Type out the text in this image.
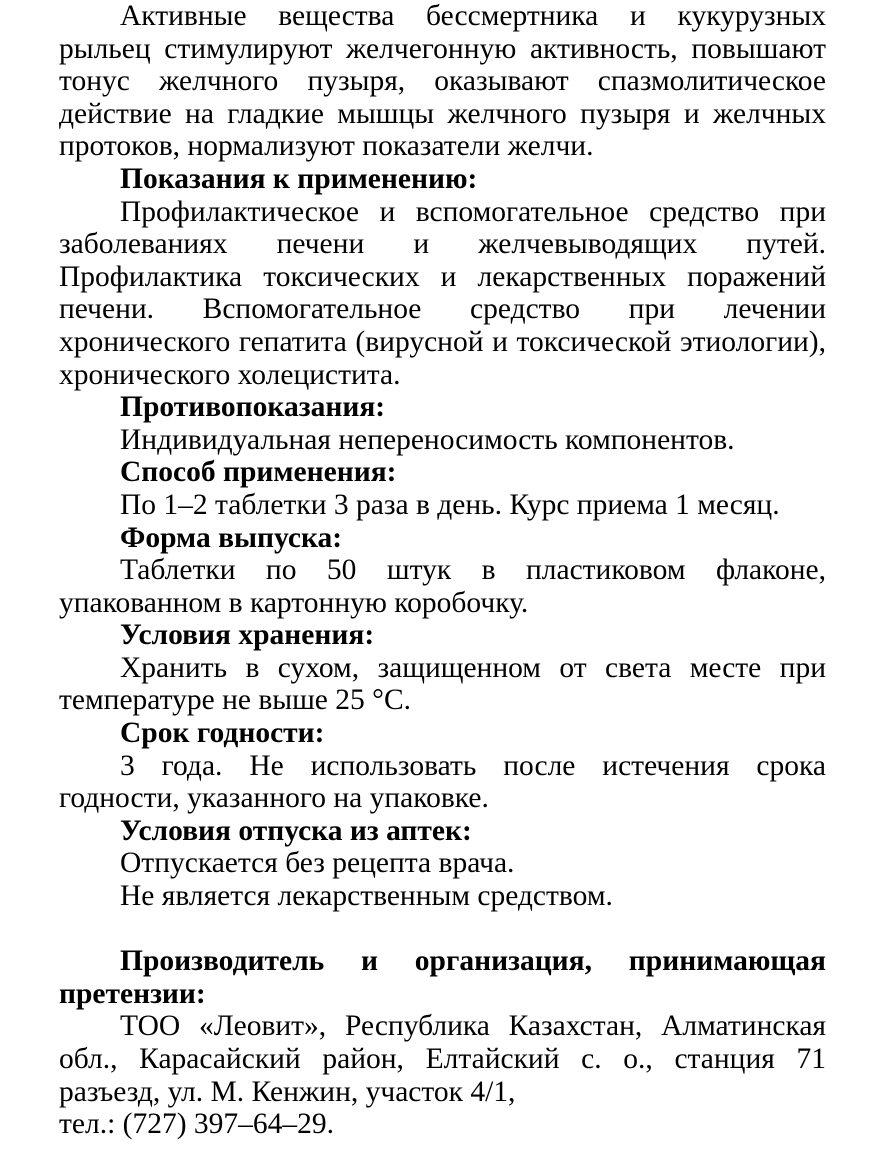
Активные вещества бессмертника и кукурузных рыльец стимулируют желчегонную активность, повышают тонус желчного пузыря, оказывают спазмолитическое действие на гладкие мышцы желчного пузыря и желчных протоков, нормализуют показатели желчи.

Показания к применению:

Профилактическое и вспомогательное средство при заболеваниях печени и желчевыводящих путей. Профилактика токсических и лекарственных поражений печени. Вспомогательное средство при лечении хронического гепатита (вирусной и токсической этиологии), хронического холецистита.

Противопоказания:

Индивидуальная непереносимость компонентов.

Способ применения:

По 1–2 таблетки 3 раза в день. Курс приема 1 месяц.

Форма выпуска:

Таблетки по 50 штук в пластиковом флаконе, упакованном в картонную коробочку.

Условия хранения:

Хранить в сухом, защищенном от света месте при температуре не выше 25 °С.

Срок годности:

3 года. Не использовать после истечения срока годности, указанного на упаковке.

Условия отпуска из аптек:

Отпускается без рецепта врача.

Не является лекарственным средством.

Производитель и организация, принимающая претензии:

ТОО «Леовит», Республика Казахстан, Алматинская обл., Карасайский район, Елтайский с. о., станция 71 разъезд, ул. М. Кенжин, участок 4/1,

тел.: (727) 397–64–29.
